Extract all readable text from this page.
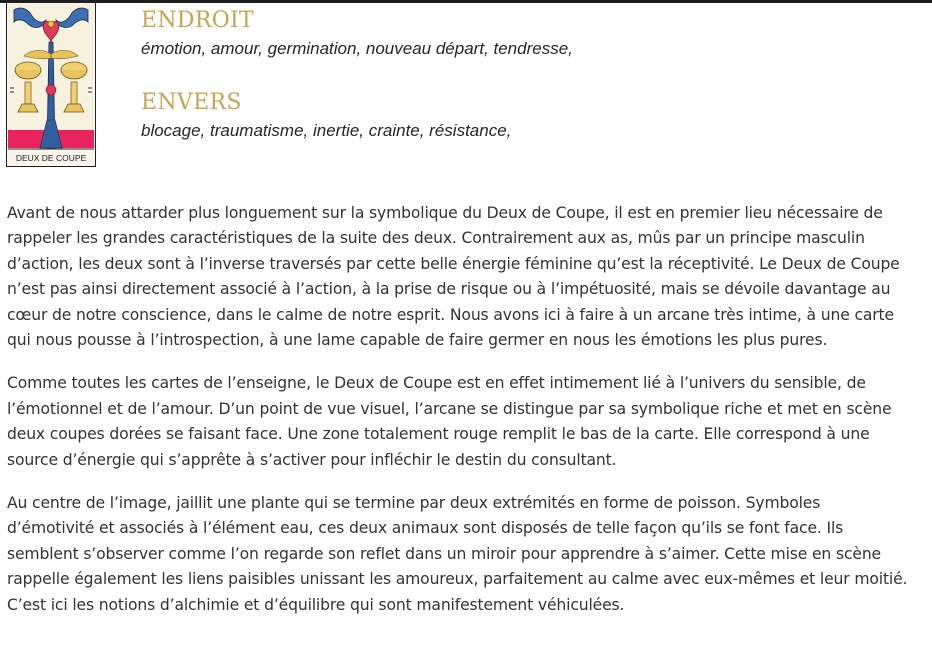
DEUX DE COUPE
ENDROIT

émotion, amour, germination, nouveau départ, tendresse,

ENVERS

blocage, traumatisme, inertie, crainte, résistance,

Avant de nous attarder plus longuement sur la symbolique du Deux de Coupe, il est en premier lieu nécessaire de rappeler les grandes caractéristiques de la suite des deux. Contrairement aux as, mûs par un principe masculin d’action, les deux sont à l’inverse traversés par cette belle énergie féminine qu’est la réceptivité. Le Deux de Coupe n’est pas ainsi directement associé à l’action, à la prise de risque ou à l’impétuosité, mais se dévoile davantage au cœur de notre conscience, dans le calme de notre esprit. Nous avons ici à faire à un arcane très intime, à une carte qui nous pousse à l’introspection, à une lame capable de faire germer en nous les émotions les plus pures.

Comme toutes les cartes de l’enseigne, le Deux de Coupe est en effet intimement lié à l’univers du sensible, de l’émotionnel et de l’amour. D’un point de vue visuel, l’arcane se distingue par sa symbolique riche et met en scène deux coupes dorées se faisant face. Une zone totalement rouge remplit le bas de la carte. Elle correspond à une source d’énergie qui s’apprête à s’activer pour infléchir le destin du consultant.

Au centre de l’image, jaillit une plante qui se termine par deux extrémités en forme de poisson. Symboles d’émotivité et associés à l’élément eau, ces deux animaux sont disposés de telle façon qu’ils se font face. Ils semblent s’observer comme l’on regarde son reflet dans un miroir pour apprendre à s’aimer. Cette mise en scène rappelle également les liens paisibles unissant les amoureux, parfaitement au calme avec eux-mêmes et leur moitié. C’est ici les notions d’alchimie et d’équilibre qui sont manifestement véhiculées.
